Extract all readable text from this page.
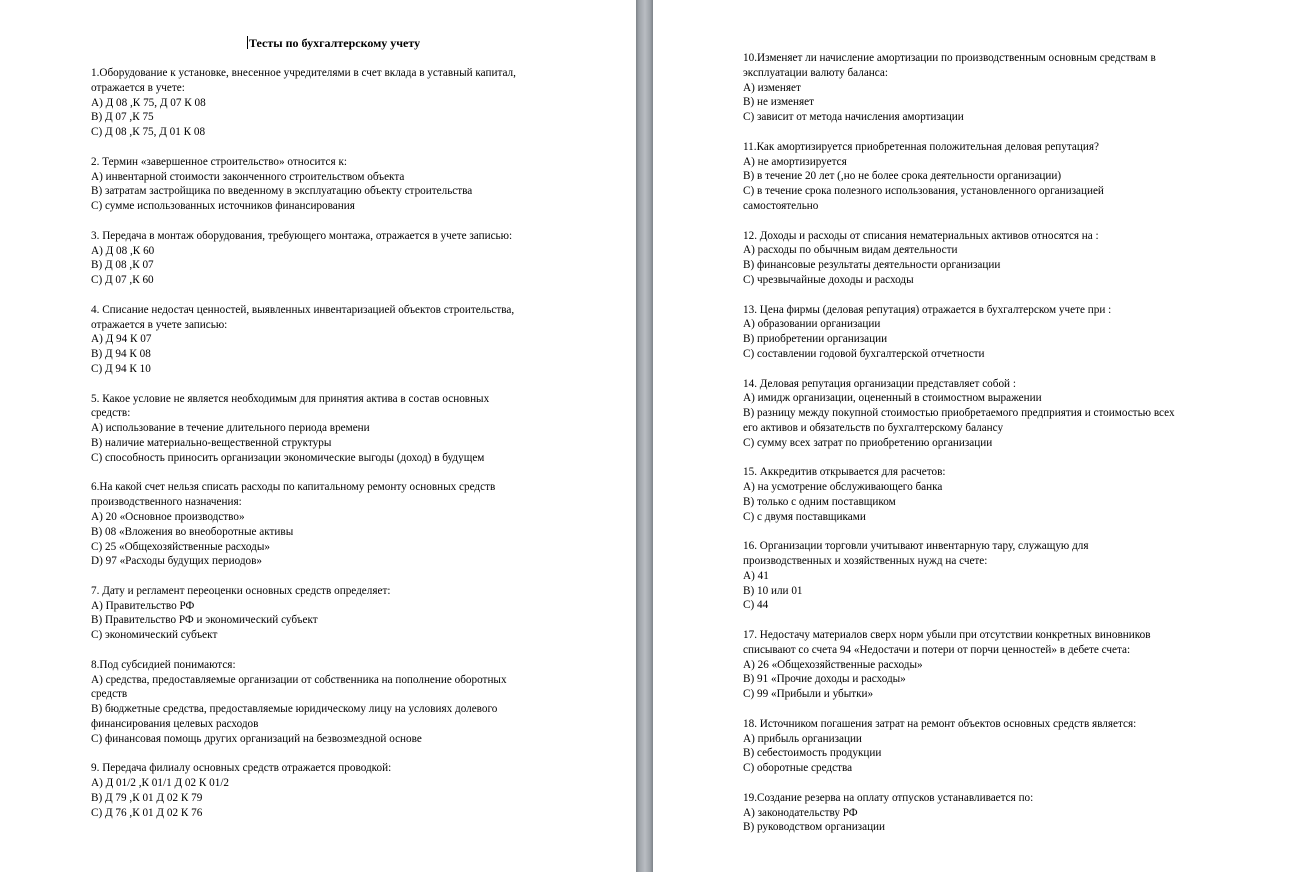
Тесты по бухгалтерскому учету
1.Оборудование к установке, внесенное учредителями в счет вклада в уставный капитал,
отражается в учете:
А) Д 08 ,К 75, Д 07 К 08
В) Д 07 ,К 75
С) Д 08 ,К 75, Д 01 К 08
2. Термин «завершенное строительство» относится к:
А) инвентарной стоимости законченного строительством объекта
В) затратам застройщика по введенному в эксплуатацию объекту строительства
С) сумме использованных источников финансирования
3. Передача в монтаж оборудования, требующего монтажа, отражается в учете записью:
А) Д 08 ,К 60
В) Д 08 ,К 07
С) Д 07 ,К 60
4. Списание недостач ценностей, выявленных инвентаризацией объектов строительства,
отражается в учете записью:
А) Д 94 К 07
В) Д 94 К 08
С) Д 94 К 10
5. Какое условие не является необходимым для принятия актива в состав основных
средств:
А) использование в течение длительного периода времени
В) наличие материально-вещественной структуры
С) способность приносить организации экономические выгоды (доход) в будущем
6.На какой счет нельзя списать расходы по капитальному ремонту основных средств
производственного назначения:
А) 20 «Основное производство»
В) 08 «Вложения во внеоборотные активы
С) 25 «Общехозяйственные расходы»
D) 97 «Расходы будущих периодов»
7. Дату и регламент переоценки основных средств определяет:
А) Правительство РФ
В) Правительство РФ и экономический субъект
С) экономический субъект
8.Под субсидией понимаются:
А) средства, предоставляемые организации от собственника на пополнение оборотных
средств
В) бюджетные средства, предоставляемые юридическому лицу на условиях долевого
финансирования целевых расходов
С) финансовая помощь других организаций на безвозмездной основе
9. Передача филиалу основных средств отражается проводкой:
А) Д 01/2 ,К 01/1 Д 02 К 01/2
В) Д 79 ,К 01 Д 02 К 79
С) Д 76 ,К 01 Д 02 К 76
10.Изменяет ли начисление амортизации по производственным основным средствам в
эксплуатации валюту баланса:
А) изменяет
В) не изменяет
С) зависит от метода начисления амортизации
11.Как амортизируется приобретенная положительная деловая репутация?
А) не амортизируется
В) в течение 20 лет (,но не более срока деятельности организации)
С) в течение срока полезного использования, установленного организацией
самостоятельно
12. Доходы и расходы от списания нематериальных активов относятся на :
А) расходы по обычным видам деятельности
В) финансовые результаты деятельности организации
С) чрезвычайные доходы и расходы
13. Цена фирмы (деловая репутация) отражается в бухгалтерском учете при :
А) образовании организации
В) приобретении организации
С) составлении годовой бухгалтерской отчетности
14. Деловая репутация организации представляет собой :
А) имидж организации, оцененный в стоимостном выражении
В) разницу между покупной стоимостью приобретаемого предприятия и стоимостью всех
его активов и обязательств по бухгалтерскому балансу
С) сумму всех затрат по приобретению организации
15. Аккредитив открывается для расчетов:
А) на усмотрение обслуживающего банка
В) только с одним поставщиком
С) с двумя поставщиками
16. Организации торговли учитывают инвентарную тару, служащую для
производственных и хозяйственных нужд на счете:
А) 41
В) 10 или 01
С) 44
17. Недостачу материалов сверх норм убыли при отсутствии конкретных виновников
списывают со счета 94 «Недостачи и потери от порчи ценностей» в дебете счета:
А) 26 «Общехозяйственные расходы»
В) 91 «Прочие доходы и расходы»
С) 99 «Прибыли и убытки»
18. Источником погашения затрат на ремонт объектов основных средств является:
А) прибыль организации
В) себестоимость продукции
С) оборотные средства
19.Создание резерва на оплату отпусков устанавливается по:
А) законодательству РФ
В) руководством организации
